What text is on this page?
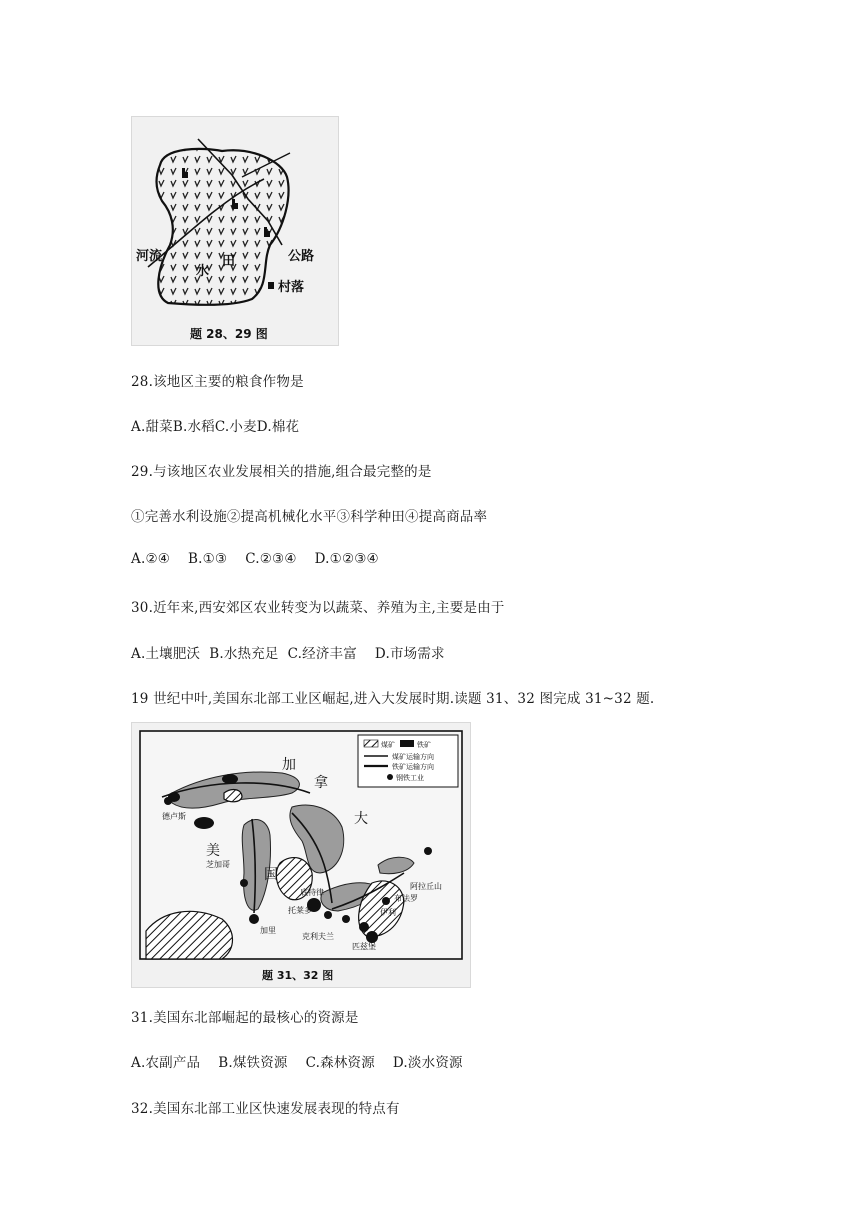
河流
水
田	公路
村落
题 28、29 图
28.该地区主要的粮食作物是
A.甜菜B.水稻C.小麦D.棉花
29.与该地区农业发展相关的措施,组合最完整的是
①完善水利设施②提高机械化水平③科学种田④提高商品率
A.②④    B.①③    C.②③④    D.①②③④
30.近年来,西安郊区农业转变为以蔬菜、养殖为主,主要是由于
A.土壤肥沃  B.水热充足  C.经济丰富    D.市场需求
19 世纪中叶,美国东北部工业区崛起,进入大发展时期.读题 31、32 图完成 31~32 题.
煤矿	铁矿
煤矿运输方向
铁矿运输方向
钢铁工业
加
拿
大
美
国
德卢斯
芝加哥
加里
底特律
托莱多
克利夫兰
匹兹堡
伊利
布法罗
阿拉丘山
题 31、32 图
31.美国东北部崛起的最核心的资源是
A.农副产品    B.煤铁资源    C.森林资源    D.淡水资源
32.美国东北部工业区快速发展表现的特点有
